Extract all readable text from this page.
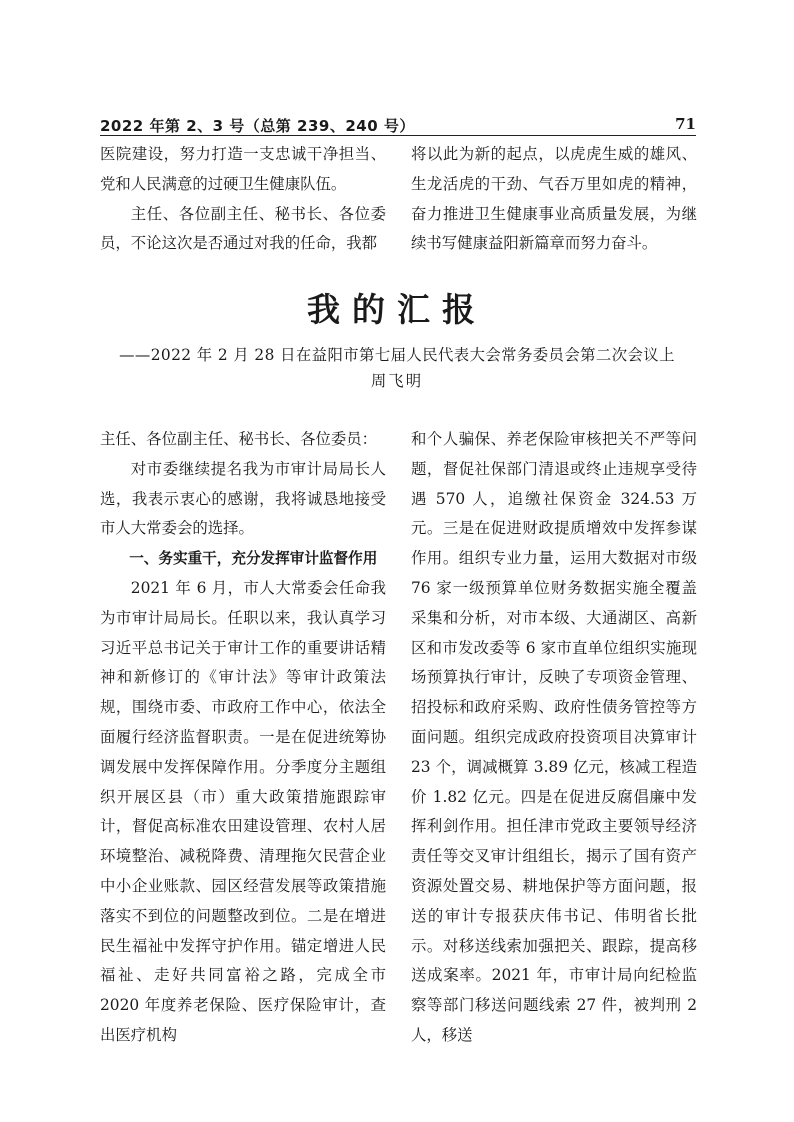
2022 年第 2、3 号（总第 239、240 号）	71

医院建设，努力打造一支忠诚干净担当、党和人民满意的过硬卫生健康队伍。

主任、各位副主任、秘书长、各位委员，不论这次是否通过对我的任命，我都

将以此为新的起点，以虎虎生威的雄风、生龙活虎的干劲、气吞万里如虎的精神，奋力推进卫生健康事业高质量发展，为继续书写健康益阳新篇章而努力奋斗。

我的汇报
——2022 年 2 月 28 日在益阳市第七届人民代表大会常务委员会第二次会议上
周飞明

主任、各位副主任、秘书长、各位委员：

对市委继续提名我为市审计局局长人选，我表示衷心的感谢，我将诚恳地接受市人大常委会的选择。

一、务实重干，充分发挥审计监督作用

2021 年 6 月，市人大常委会任命我为市审计局局长。任职以来，我认真学习习近平总书记关于审计工作的重要讲话精神和新修订的《审计法》等审计政策法规，围绕市委、市政府工作中心，依法全面履行经济监督职责。一是在促进统筹协调发展中发挥保障作用。分季度分主题组织开展区县（市）重大政策措施跟踪审计，督促高标准农田建设管理、农村人居环境整治、减税降费、清理拖欠民营企业中小企业账款、园区经营发展等政策措施落实不到位的问题整改到位。二是在增进民生福祉中发挥守护作用。锚定增进人民福祉、走好共同富裕之路，完成全市 2020 年度养老保险、医疗保险审计，查出医疗机构

和个人骗保、养老保险审核把关不严等问题，督促社保部门清退或终止违规享受待遇 570 人，追缴社保资金 324.53 万元。三是在促进财政提质增效中发挥参谋作用。组织专业力量，运用大数据对市级 76 家一级预算单位财务数据实施全覆盖采集和分析，对市本级、大通湖区、高新区和市发改委等 6 家市直单位组织实施现场预算执行审计，反映了专项资金管理、招投标和政府采购、政府性债务管控等方面问题。组织完成政府投资项目决算审计 23 个，调减概算 3.89 亿元，核减工程造价 1.82 亿元。四是在促进反腐倡廉中发挥利剑作用。担任津市党政主要领导经济责任等交叉审计组组长，揭示了国有资产资源处置交易、耕地保护等方面问题，报送的审计专报获庆伟书记、伟明省长批示。对移送线索加强把关、跟踪，提高移送成案率。2021 年，市审计局向纪检监察等部门移送问题线索 27 件，被判刑 2 人，移送
